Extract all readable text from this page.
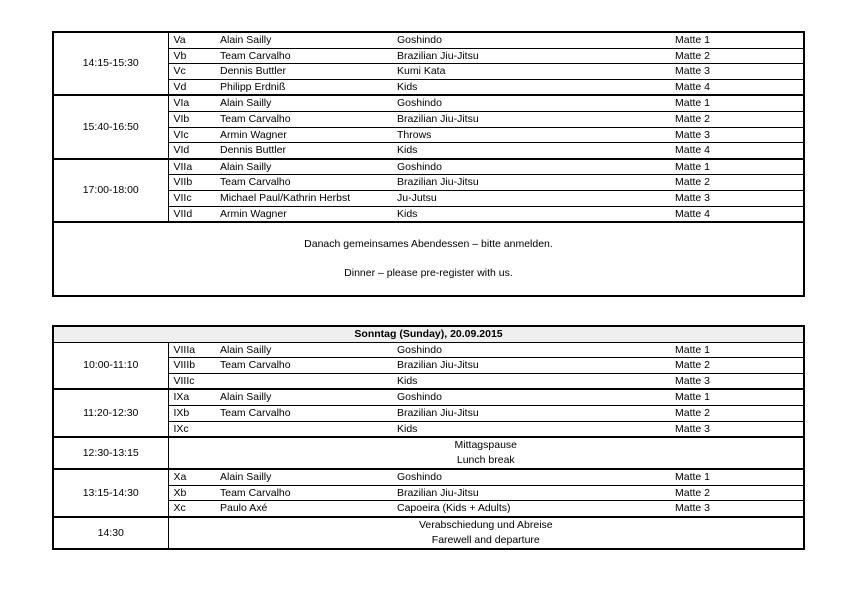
14:15-15:30	Va	Alain Sailly	Goshindo	Matte 1
	Vb	Team Carvalho	Brazilian Jiu-Jitsu	Matte 2
	Vc	Dennis Buttler	Kumi Kata	Matte 3
	Vd	Philipp Erdniß	Kids	Matte 4
15:40-16:50	VIa	Alain Sailly	Goshindo	Matte 1
	VIb	Team Carvalho	Brazilian Jiu-Jitsu	Matte 2
	VIc	Armin Wagner	Throws	Matte 3
	VId	Dennis Buttler	Kids	Matte 4
17:00-18:00	VIIa	Alain Sailly	Goshindo	Matte 1
	VIIb	Team Carvalho	Brazilian Jiu-Jitsu	Matte 2
	VIIc	Michael Paul/Kathrin Herbst	Ju-Jutsu	Matte 3
	VIId	Armin Wagner	Kids	Matte 4

Danach gemeinsames Abendessen – bitte anmelden.
Dinner – please pre-register with us.				
Sonntag (Sunday), 20.09.2015				
10:00-11:10	VIIIa	Alain Sailly	Goshindo	Matte 1
	VIIIb	Team Carvalho	Brazilian Jiu-Jitsu	Matte 2
	VIIIc		Kids	Matte 3
11:20-12:30	IXa	Alain Sailly	Goshindo	Matte 1
	IXb	Team Carvalho	Brazilian Jiu-Jitsu	Matte 2
	IXc		Kids	Matte 3
12:30-13:15	Mittagspause
Lunch break			

13:15-14:30	Xa	Alain Sailly	Goshindo	Matte 1
	Xb	Team Carvalho	Brazilian Jiu-Jitsu	Matte 2
	Xc	Paulo Axé	Capoeira (Kids + Adults)	Matte 3
14:30	Verabschiedung und Abreise
Farewell and departure			
